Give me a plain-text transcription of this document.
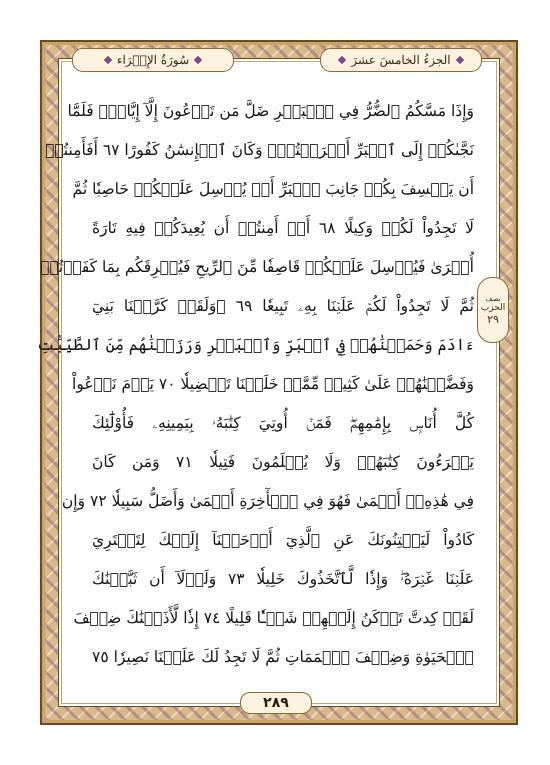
الجزءُ الخامسَ عشرَ
سُورَةُ الإِسۡرَاء
وَإِذَا مَسَّكُمُ ٱلضُّرُّ فِي ٱلۡبَحۡرِ ضَلَّ مَن تَدۡعُونَ إِلَّآ إِيَّاهُۖ فَلَمَّا
نَجَّىٰكُمۡ إِلَى ٱلۡبَرِّ أَعۡرَضۡتُمۡۚ وَكَانَ ٱلۡإِنسَٰنُ كَفُورًا ٦٧ أَفَأَمِنتُمۡ
أَن يَخۡسِفَ بِكُمۡ جَانِبَ ٱلۡبَرِّ أَوۡ يُرۡسِلَ عَلَيۡكُمۡ حَاصِبٗا ثُمَّ
لَا تَجِدُواْ لَكُمۡ وَكِيلًا ٦٨ أَمۡ أَمِنتُمۡ أَن يُعِيدَكُمۡ فِيهِ تَارَةً
أُخۡرَىٰ فَيُرۡسِلَ عَلَيۡكُمۡ قَاصِفٗا مِّنَ ٱلرِّيحِ فَيُغۡرِقَكُم بِمَا كَفَرۡتُمۡ
ثُمَّ لَا تَجِدُواْ لَكُمۡ عَلَيۡنَا بِهِۦ تَبِيعٗا ٦٩ ۞وَلَقَدۡ كَرَّمۡنَا بَنِيٓ
ءَادَمَ وَحَمَلۡنَٰهُمۡ فِي ٱلۡبَرِّ وَٱلۡبَحۡرِ وَرَزَقۡنَٰهُم مِّنَ ٱلطَّيِّبَٰتِ
وَفَضَّلۡنَٰهُمۡ عَلَىٰ كَثِيرٖ مِّمَّنۡ خَلَقۡنَا تَفۡضِيلٗا ٧٠ يَوۡمَ نَدۡعُواْ
كُلَّ أُنَاسِۭ بِإِمَٰمِهِمۡۖ فَمَنۡ أُوتِيَ كِتَٰبَهُۥ بِيَمِينِهِۦ فَأُوْلَٰٓئِكَ
يَقۡرَءُونَ كِتَٰبَهُمۡ وَلَا يُظۡلَمُونَ فَتِيلٗا ٧١ وَمَن كَانَ
فِي هَٰذِهِۦٓ أَعۡمَىٰ فَهُوَ فِي ٱلۡأٓخِرَةِ أَعۡمَىٰ وَأَضَلُّ سَبِيلٗا ٧٢ وَإِن
كَادُواْ لَيَفۡتِنُونَكَ عَنِ ٱلَّذِيٓ أَوۡحَيۡنَآ إِلَيۡكَ لِتَفۡتَرِيَ
عَلَيۡنَا غَيۡرَهُۥۖ وَإِذٗا لَّٱتَّخَذُوكَ خَلِيلٗا ٧٣ وَلَوۡلَآ أَن ثَبَّتۡنَٰكَ
لَقَدۡ كِدتَّ تَرۡكَنُ إِلَيۡهِمۡ شَيۡـٔٗا قَلِيلًا ٧٤ إِذٗا لَّأَذَقۡنَٰكَ ضِعۡفَ
ٱلۡحَيَوٰةِ وَضِعۡفَ ٱلۡمَمَاتِ ثُمَّ لَا تَجِدُ لَكَ عَلَيۡنَا نَصِيرٗا ٧٥
نصف
الحزب
٢٩
٢٨٩
